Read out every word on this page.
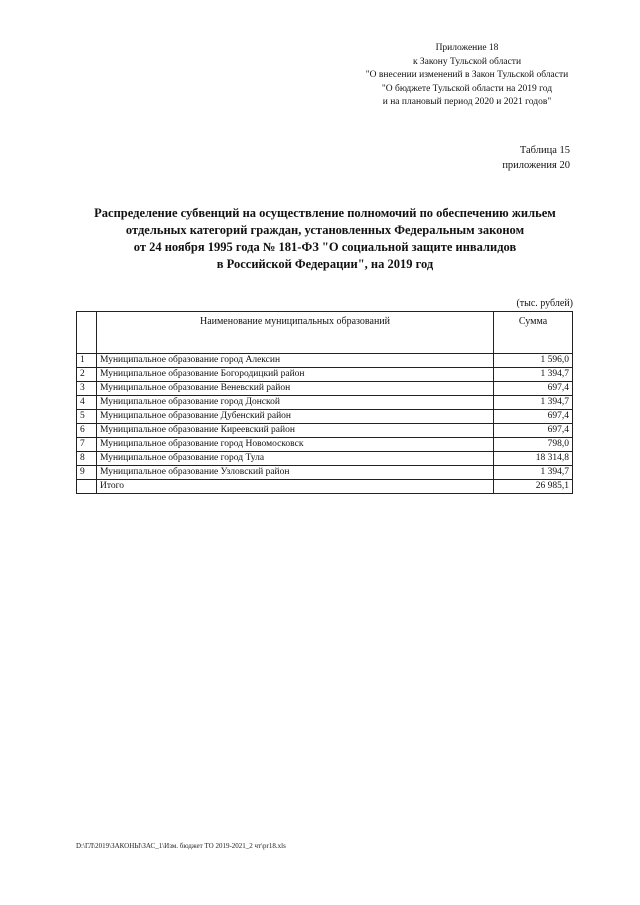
Приложение 18
к Закону Тульской области
"О внесении изменений в Закон Тульской области
"О бюджете Тульской области на 2019 год
и на плановый период 2020 и 2021 годов"
Таблица 15
приложения 20
Распределение субвенций на осуществление полномочий по обеспечению жильем
отдельных категорий граждан, установленных Федеральным законом
от 24 ноября 1995 года № 181-ФЗ "О социальной защите инвалидов
в Российской Федерации", на 2019 год
(тыс. рублей)
	Наименование муниципальных образований	Сумма
1	Муниципальное образование город Алексин	1 596,0
2	Муниципальное образование Богородицкий район	1 394,7
3	Муниципальное образование Веневский район	697,4
4	Муниципальное образование город Донской	1 394,7
5	Муниципальное образование Дубенский район	697,4
6	Муниципальное образование Киреевский район	697,4
7	Муниципальное образование город Новомосковск	798,0
8	Муниципальное образование город Тула	18 314,8
9	Муниципальное образование Узловский район	1 394,7
	Итого	26 985,1
D:\ГЛ\2019\ЗАКОНЫ\ЗАС_1\Изм. бюджет ТО 2019-2021_2 чт\pr18.xls
